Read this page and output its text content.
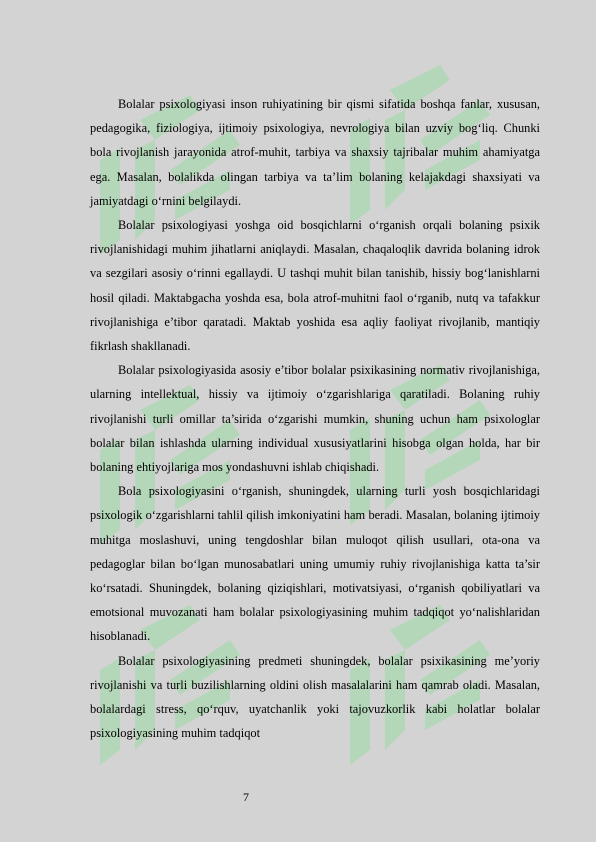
Bolalar psixologiyasi inson ruhiyatining bir qismi sifatida boshqa fanlar, xususan, pedagogika, fiziologiya, ijtimoiy psixologiya, nevrologiya bilan uzviy bog‘liq. Chunki bola rivojlanish jarayonida atrof-muhit, tarbiya va shaxsiy tajribalar muhim ahamiyatga ega. Masalan, bolalikda olingan tarbiya va ta’lim bolaning kelajakdagi shaxsiyati va jamiyatdagi o‘rnini belgilaydi.

Bolalar psixologiyasi yoshga oid bosqichlarni o‘rganish orqali bolaning psixik rivojlanishidagi muhim jihatlarni aniqlaydi. Masalan, chaqaloqlik davrida bolaning idrok va sezgilari asosiy o‘rinni egallaydi. U tashqi muhit bilan tanishib, hissiy bog‘lanishlarni hosil qiladi. Maktabgacha yoshda esa, bola atrof-muhitni faol o‘rganib, nutq va tafakkur rivojlanishiga e’tibor qaratadi. Maktab yoshida esa aqliy faoliyat rivojlanib, mantiqiy fikrlash shakllanadi.

Bolalar psixologiyasida asosiy e’tibor bolalar psixikasining normativ rivojlanishiga, ularning intellektual, hissiy va ijtimoiy o‘zgarishlariga qaratiladi. Bolaning ruhiy rivojlanishi turli omillar ta’sirida o‘zgarishi mumkin, shuning uchun ham psixologlar bolalar bilan ishlashda ularning individual xususiyatlarini hisobga olgan holda, har bir bolaning ehtiyojlariga mos yondashuvni ishlab chiqishadi.

Bola psixologiyasini o‘rganish, shuningdek, ularning turli yosh bosqichlaridagi psixologik o‘zgarishlarni tahlil qilish imkoniyatini ham beradi. Masalan, bolaning ijtimoiy muhitga moslashuvi, uning tengdoshlar bilan muloqot qilish usullari, ota-ona va pedagoglar bilan bo‘lgan munosabatlari uning umumiy ruhiy rivojlanishiga katta ta’sir ko‘rsatadi. Shuningdek, bolaning qiziqishlari, motivatsiyasi, o‘rganish qobiliyatlari va emotsional muvozanati ham bolalar psixologiyasining muhim tadqiqot yo‘nalishlaridan hisoblanadi.

Bolalar psixologiyasining predmeti shuningdek, bolalar psixikasining me’yoriy rivojlanishi va turli buzilishlarning oldini olish masalalarini ham qamrab oladi. Masalan, bolalardagi stress, qo‘rquv, uyatchanlik yoki tajovuzkorlik kabi holatlar bolalar psixologiyasining muhim tadqiqot

7
